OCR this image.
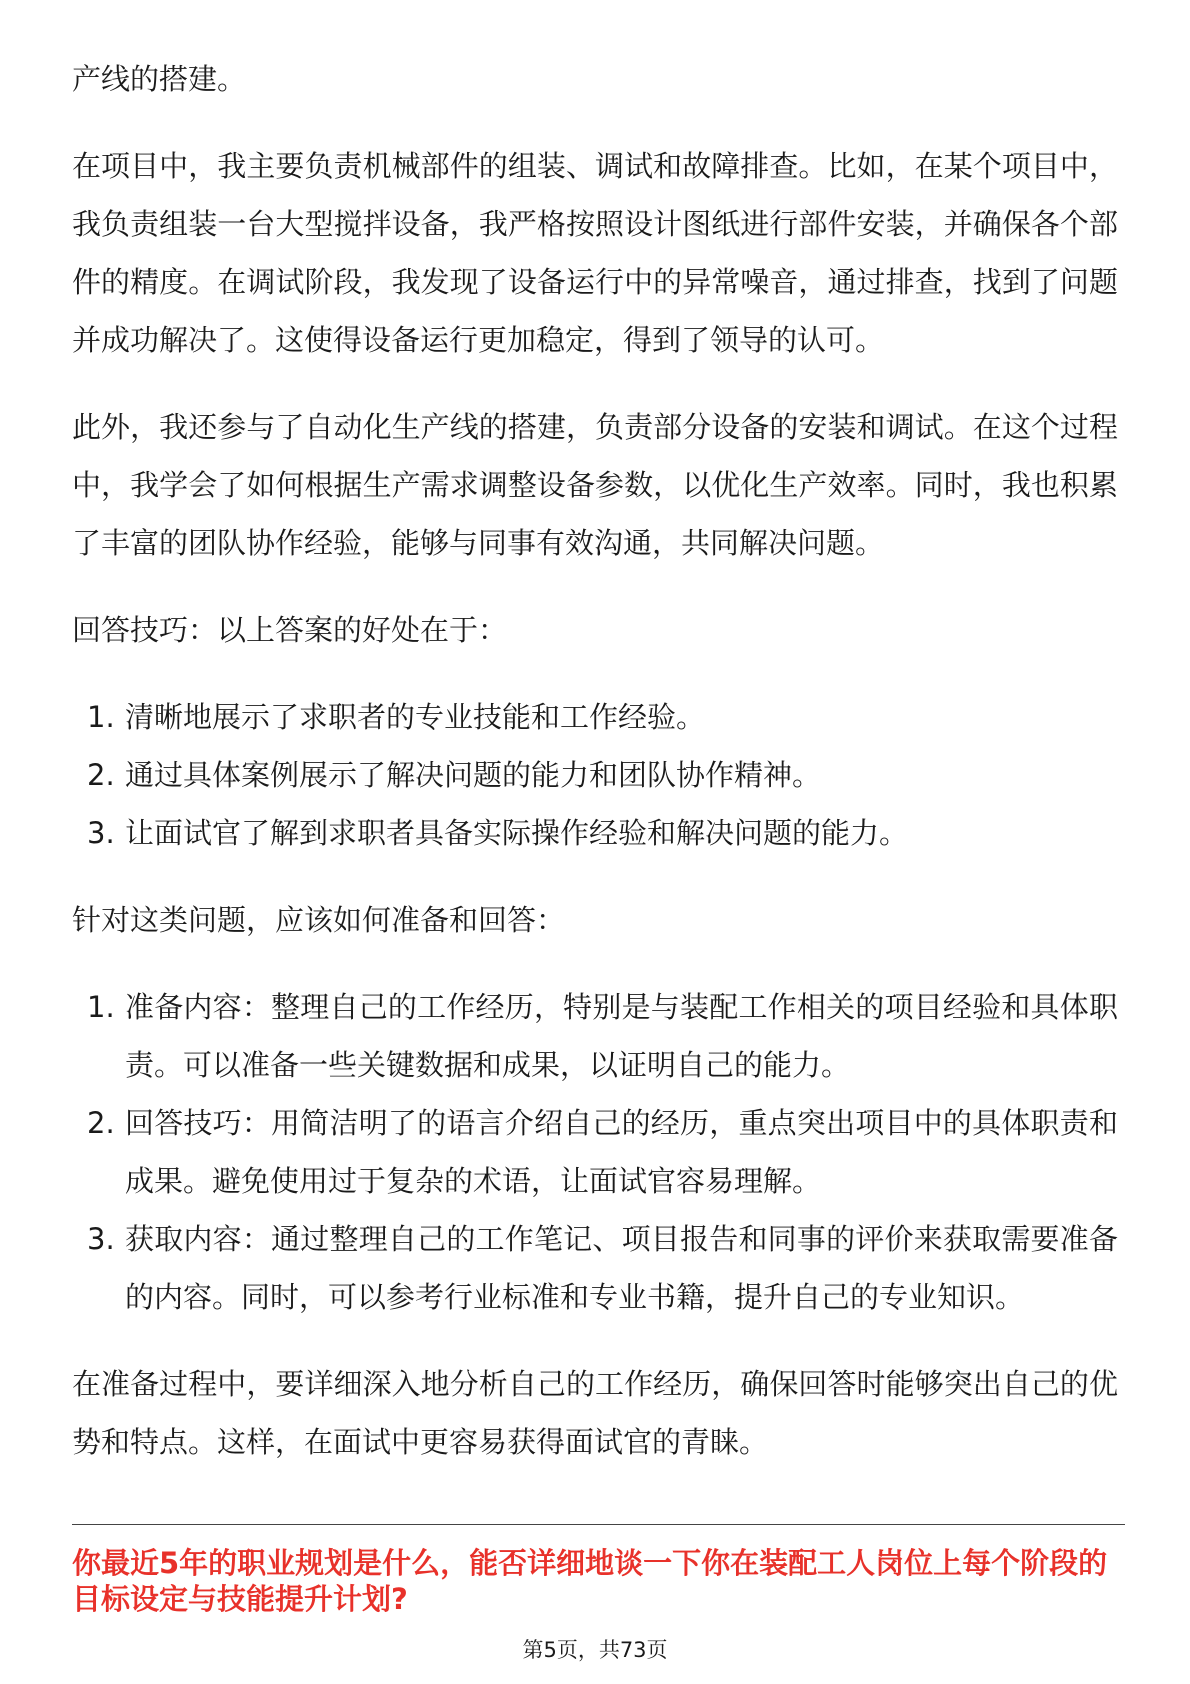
产线的搭建。
在项目中，我主要负责机械部件的组装、调试和故障排查。比如，在某个项目中，
我负责组装一台大型搅拌设备，我严格按照设计图纸进行部件安装，并确保各个部
件的精度。在调试阶段，我发现了设备运行中的异常噪音，通过排查，找到了问题
并成功解决了。这使得设备运行更加稳定，得到了领导的认可。
此外，我还参与了自动化生产线的搭建，负责部分设备的安装和调试。在这个过程
中，我学会了如何根据生产需求调整设备参数，以优化生产效率。同时，我也积累
了丰富的团队协作经验，能够与同事有效沟通，共同解决问题。
回答技巧：以上答案的好处在于：
1. 清晰地展示了求职者的专业技能和工作经验。
2. 通过具体案例展示了解决问题的能力和团队协作精神。
3. 让面试官了解到求职者具备实际操作经验和解决问题的能力。
针对这类问题，应该如何准备和回答：
1. 准备内容：整理自己的工作经历，特别是与装配工作相关的项目经验和具体职
责。可以准备一些关键数据和成果，以证明自己的能力。
2. 回答技巧：用简洁明了的语言介绍自己的经历，重点突出项目中的具体职责和
成果。避免使用过于复杂的术语，让面试官容易理解。
3. 获取内容：通过整理自己的工作笔记、项目报告和同事的评价来获取需要准备
的内容。同时，可以参考行业标准和专业书籍，提升自己的专业知识。
在准备过程中，要详细深入地分析自己的工作经历，确保回答时能够突出自己的优
势和特点。这样，在面试中更容易获得面试官的青睐。
你最近5年的职业规划是什么，能否详细地谈一下你在装配工人岗位上每个阶段的
目标设定与技能提升计划?
第5页，共73页
